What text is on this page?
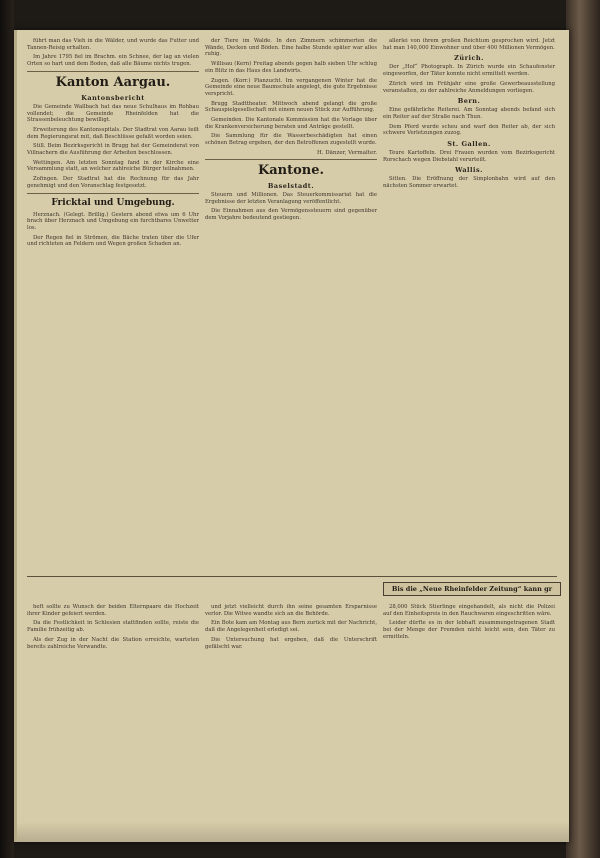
führt man das Vieh in die Wälder, und wurde das Futter und Tannen-Reisig erhalten.

Im Jahre 1795 fiel im Brachm. ein Schnee, der lag an vielen Orten so hart und dem Boden, daß alle Bäume nichts trugen.

Kanton Aargau.
Kantonsbericht

Die Gemeinde Wallbach hat das neue Schulhaus im Rohbau vollendet; die Gemeinde Rheinfelden hat die Strassenbeleuchtung bewilligt.

Erweiterung des Kantonsspitals. Der Stadtrat von Aarau teilt dem Regierungsrat mit, daß Beschlüsse gefaßt worden seien.

Still. Beim Bezirksgericht in Brugg hat der Gemeinderat von Villnachern die Ausführung der Arbeiten beschlossen.

Wettingen. Am letzten Sonntag fand in der Kirche eine Versammlung statt, an welcher zahlreiche Bürger teilnahmen.

Zofingen. Der Stadtrat hat die Rechnung für das Jahr genehmigt und den Voranschlag festgesetzt.

Fricktal und Umgebung.

Herznach. (Gelegt. Brillig.) Gestern abend etwa um 6 Uhr brach über Herznach und Umgebung ein furchtbares Unwetter los.

Der Regen fiel in Strömen, die Bäche traten über die Ufer und richteten an Feldern und Wegen großen Schaden an.

der Tiere im Walde. In den Zimmern schimmerten die Wände, Decken und Böden. Eine halbe Stunde später war alles ruhig.

Willisau (Kern) Freitag abends gegen halb sieben Uhr schlug ein Blitz in das Haus des Landwirts.

Zugen. (Korr.) Planzucht. Im vergangenen Winter hat die Gemeinde eine neue Baumschule angelegt, die gute Ergebnisse verspricht.

Brugg Stadttheater. Mittwoch abend gelangt die große Schauspielgesellschaft mit einem neuen Stück zur Aufführung.

Gemeinden. Die Kantonale Kommission hat die Vorlage über die Krankenversicherung beraten und Anträge gestellt.

Die Sammlung für die Wasserbeschädigten hat einen schönen Betrag ergeben, der den Betroffenen zugestellt wurde.

H. Dänzer, Vermalter.
Kantone.
Baselstadt.

Steuern und Millionen. Das Steuerkommissariat hat die Ergebnisse der letzten Veranlagung veröffentlicht.

Die Einnahmen aus den Vermögenssteuern sind gegenüber dem Vorjahre bedeutend gestiegen.

allerlei von ihrem großen Reichtum gesprochen wird. Jetzt hat man 140,000 Einwohner und über 400 Millionen Vermögen.

Zürich.

Der „Hof“ Photograph. In Zürich wurde ein Schaufenster eingeworfen, der Täter konnte nicht ermittelt werden.

Zürich wird im Frühjahr eine große Gewerbeausstellung veranstalten, zu der zahlreiche Anmeldungen vorliegen.

Bern.

Eine gefährliche Reiterei. Am Sonntag abends befand sich ein Reiter auf der Straße nach Thun.

Dem Pferd wurde scheu und warf den Reiter ab, der sich schwere Verletzungen zuzog.

St. Gallen.

Teure Kartoffeln. Drei Frauen wurden vom Bezirksgericht Rorschach wegen Diebstahl verurteilt.

Wallis.

Sitten. Die Eröffnung der Simplonbahn wird auf den nächsten Sommer erwartet.

Bis die „Neue Rheinfelder Zeitung“ kann gr

heft sollte zu Wunsch der beiden Elternpaare die Hochzeit ihrer Kinder gefeiert werden.

Da die Festlichkeit in Schlesien stattfinden sollte, reiste die Familie frühzeitig ab.

Als der Zug in der Nacht die Station erreichte, warteten bereits zahlreiche Verwandte.

und jetzt vielleicht durch ihn seine gesamten Ersparnisse verlor. Die Witwe wandte sich an die Behörde.

Ein Bote kam am Montag aus Bern zurück mit der Nachricht, daß die Angelegenheit erledigt sei.

Die Untersuchung hat ergeben, daß die Unterschrift gefälscht war.

28,000 Stück Stierlinge eingehandelt, als nicht die Polizei auf den Einheitspreis in den Rauchwaren eingeschritten wäre.

Leider dürfte es in der lebhaft zusammengetragenen Stadt bei der Menge der Fremden nicht leicht sein, den Täter zu ermitteln.
